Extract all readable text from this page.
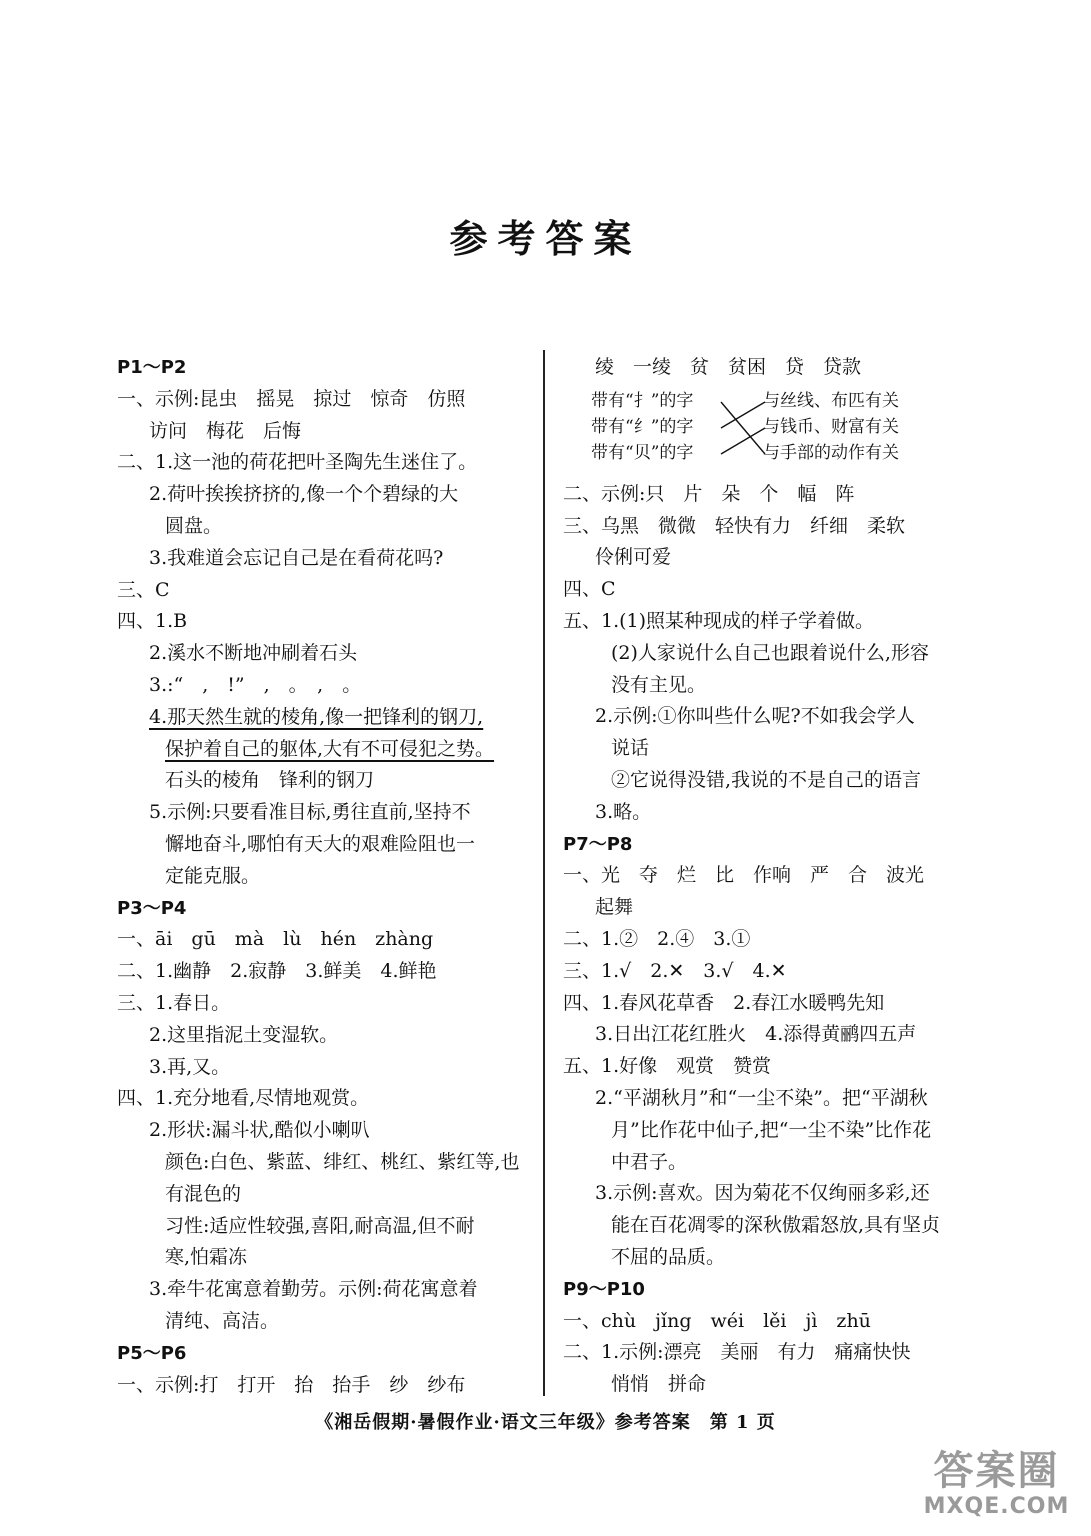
参考答案
P1～P2
一、示例:昆虫　摇晃　掠过　惊奇　仿照
访问　梅花　后悔
二、1.这一池的荷花把叶圣陶先生迷住了。
2.荷叶挨挨挤挤的,像一个个碧绿的大
圆盘。
3.我难道会忘记自己是在看荷花吗?
三、C
四、1.B
2.溪水不断地冲刷着石头
3.:“　,　!”　,　。　,　。
4.那天然生就的棱角,像一把锋利的钢刀,
保护着自己的躯体,大有不可侵犯之势。
石头的棱角　锋利的钢刀
5.示例:只要看准目标,勇往直前,坚持不
懈地奋斗,哪怕有天大的艰难险阻也一
定能克服。
P3～P4
一、āi　gū　mà　lù　hén　zhàng
二、1.幽静　2.寂静　3.鲜美　4.鲜艳
三、1.春日。
2.这里指泥土变湿软。
3.再,又。
四、1.充分地看,尽情地观赏。
2.形状:漏斗状,酷似小喇叭
颜色:白色、紫蓝、绯红、桃红、紫红等,也
有混色的
习性:适应性较强,喜阳,耐高温,但不耐
寒,怕霜冻
3.牵牛花寓意着勤劳。示例:荷花寓意着
清纯、高洁。
P5～P6
一、示例:打　打开　抬　抬手　纱　纱布
绫　一绫　贫　贫困　贷　贷款
带有“扌”的字
带有“纟”的字
带有“贝”的字
与丝线、布匹有关
与钱币、财富有关
与手部的动作有关
二、示例:只　片　朵　个　幅　阵
三、乌黑　微微　轻快有力　纤细　柔软
伶俐可爱
四、C
五、1.(1)照某种现成的样子学着做。
(2)人家说什么自己也跟着说什么,形容
没有主见。
2.示例:①你叫些什么呢?不如我会学人
说话
②它说得没错,我说的不是自己的语言
3.略。
P7～P8
一、光　夺　烂　比　作响　严　合　波光
起舞
二、1.②　2.④　3.①
三、1.√　2.✕　3.√　4.✕
四、1.春风花草香　2.春江水暖鸭先知
3.日出江花红胜火　4.添得黄鹂四五声
五、1.好像　观赏　赞赏
2.“平湖秋月”和“一尘不染”。把“平湖秋
月”比作花中仙子,把“一尘不染”比作花
中君子。
3.示例:喜欢。因为菊花不仅绚丽多彩,还
能在百花凋零的深秋傲霜怒放,具有坚贞
不屈的品质。
P9～P10
一、chù　jǐng　wéi　lěi　jì　zhū
二、1.示例:漂亮　美丽　有力　痛痛快快
悄悄　拼命
《湘岳假期·暑假作业·语文三年级》参考答案　第 1 页
答案圈
MXQE.COM
